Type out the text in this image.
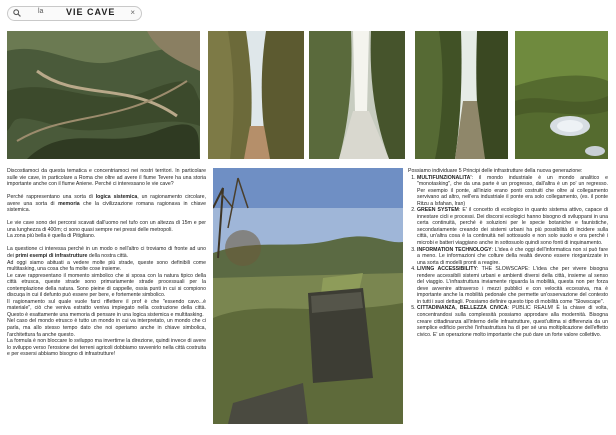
la	VIE CAVE ×

Discostiamoci da questa tematica e concentriamoci nei nostri territori. In particolare sulle vie cave, in particolare a Roma che oltre ad avere il fiume Tevere ha una storia importante anche con il fiume Aniene. Perché ci interessano le vie cave?

Perché rappresentano una sorta di logica sistemica, un ragionamento circolare, avere una sorta di memoria che la civilizzazione romana ragionava in chiave sistemica.

Le vie cave sono dei percorsi scavati dall'uomo nel tufo con un altezza di 15m e per una lunghezza di 400m; ci sono quasi sempre nei pressi delle metropoli.

La zona più bella è quella di Pitigliano.

La questione ci interessa perché in un modo o nell'altro ci troviamo di fronte ad uno dei primi esempi di infrastrutture della nostra città.

Ad oggi siamo abituati a vedere molte più strade, queste sono definibili come multitasking, una cosa che fa molte cose insieme.

Le cave rappresentano il momento simbolico che si sposa con la natura tipico della città etrusca, queste strade sono primariamente strade processuali per la contemplazione della natura. Sono pieine di cappelle, ossia punti in cui si compiono discuqa in cui il defunto può essere per bere, e fortemente simbolico.

Il ragionamento sul quale vuole farci riflettere il prof è che "essendo cavo...è materiale", ciò che veniva estratto veniva impiegato nella costruzione della città. Questo è esattamente una memoria di pensare in una logica sistemica e multitasking.

Nel caso del mondo etrusco è tutto un mondo in cui va interpretato, un mondo che ci parla, ma allo stesso tempo dato che noi operiamo anche in chiave simbolica, l'architettura fa anche questo.

La formula è non bloccare lo sviluppo ma invertirne la direzione, quindi invece di avere lo sviluppo verso l'erosione dei terreni agricoli dobbiamo ravvenirlo nella città costruita e per essersi abbiamo bisogno di infrastrutture!

Possiamo individuare 5 Principi delle infrastrutture della nuova generazione:
1. MULTIFUNZIONALITA': il mondo industriale è un mondo analitico e "monotasking", che da una parte è un progresso, dall'altra è un po' un regresso. Per esempio il ponte, all'inizio erano ponti costruiti che oltre al collegamento servivano ad altro, nell'era industriale il ponte era solo collegamento, (es. il ponte Ritzu a Isfahan, Iran)
2. GREEN SYSTEM: E' il concetto di ecologico in quanto sistema attivo, capace di innestare cicli e processi. Dei discorsi ecologici hanno bisogno di svilupparsi in una certa continuità, perché è soluzioni per le specie botaniche e faunistiche, secondariamente creando dei sistemi urbani ha più possibilità di incidere sulla città, un'altra cosa è la continuità nel sottosuolo e non solo suolo e ora perché i microbi e batteri viaggiano anche in sottosuolo quindi sono fonti di inquinamento.
3. INFORMATION TECHNOLOGY: L'idea è che oggi dell'informatica non si può fare a meno. Le informazioni che colture della realtà devono essere riorganizzate in una sorta di modelli pronti a reagire.
4. LIVING ACCESSIBILITY: THE SLOWSCAPE: L'idea che per vivere bisogna rendere accessibili sistemi urbani e ambienti diversi della città, insieme al senso del viaggio. L'infrastruttura inviamente riguarda la mobilità, questa non per forza deve avvenire attraverso i mezzi pubblici e con velocità eccessiva, ma è importante anche la mobilità pedonale che permette un'osservazione del contesto in tutti i suoi dettagli. Possiamo definire questo tipo di mobilità come "Slowscape".
5. CITTADINANZA, BELLEZZA CIVICA: PUBLIC REALM! È la chiave di volta, concentrandosi sulla complessità possiamo approdare alla modernità. Bisogna creare cittadinanza all'interno delle infrastrutture, quest'ultima si differenzia da un semplice edificio perché l'infrastruttura ha di per sé una moltiplicazione dell'effetto civico. E' un operazione molto importante che può dare un forte valore collettivo.
